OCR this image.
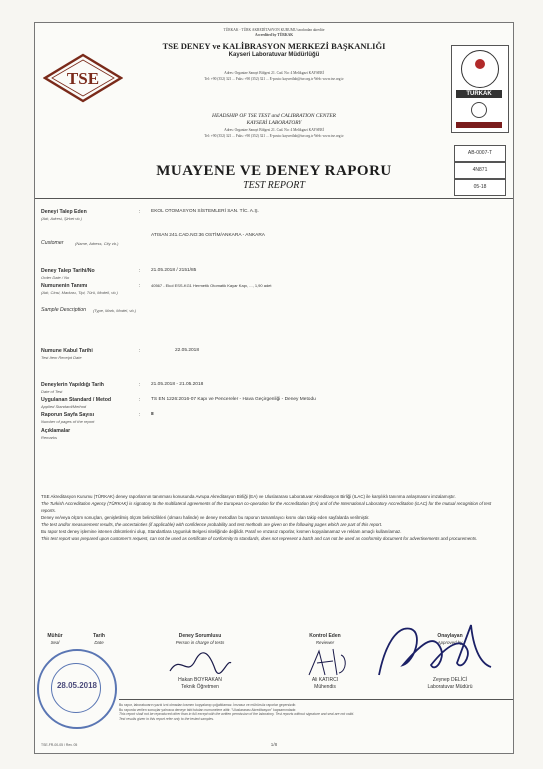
TÜRKAK - TÜRK AKREDİTASYON KURUMU tarafından akredite
Accredited by TÜRKAK
TSE DENEY ve KALİBRASYON MERKEZİ BAŞKANLIĞI
Kayseri Laboratuvar Müdürlüğü
Adres: Organize Sanayi Bölgesi 21. Cad. No: 4 Melikgazi KAYSERİ
Tel: +90 (352) 321 ... Faks: +90 (352) 321 ... E-posta: kayserilab@tse.org.tr Web: www.tse.org.tr
HEADSHIP OF TSE TEST and CALIBRATION CENTER
KAYSERİ LABORATORY
Adres: Organize Sanayi Bölgesi 21. Cad. No: 4 Melikgazi KAYSERİ
Tel: +90 (352) 321 ... Faks: +90 (352) 321 ... E-posta: kayserilab@tse.org.tr Web: www.tse.org.tr
TSE
TÜRKAK
AB-0007-T
4N871
05-18
MUAYENE VE DENEY RAPORU
TEST REPORT
Deneyi Talep Eden
(Adı, Adresi, Şirket vb.)
: EKOL OTOMASYON SİSTEMLERİ SAN. TİC. A.Ş.
Customer	(Name, Adress, City vb.)
ATISAN 241.CAD.NO:36 OSTİM/ANKARA - ANKARA
Deney Talep Tarihi/No
Order Date / No
: 21.05.2018 / 2151/85
Numunenin Tanımı
(Adı, Cinsi, Markası, Tipi, Türü, Modeli, vb.)
:	40567 - Ekol ESS-KG1 Hermetik Otomatik Kayar Kapı, ..., 1,90 adet
Sample Description (Type, Mark, Model, vb.)
Numune Kabul Tarihi
Test Item Receipt Date
:	22.05.2018
Deneylerin Yapıldığı Tarih
Date of Test
: 21.05.2018 - 21.05.2018
Uygulanan Standard / Metod
Applied Standard/Method
: TS EN 1226:2016-07 Kapı ve Pencereler - Hava Geçirgenliği - Deney Metodu
Raporun Sayfa Sayısı
Number of pages of the report
: 8
Açıklamalar
Remarks
TSE Akreditasyon Kurumu (TÜRKAK) deney raporlarının tanınması konusunda Avrupa Akreditasyon Birliği (EA) ve Uluslararası Laboratuvar Akreditasyon Birliği (ILAC) ile karşılıklı tanınma anlaşmasını imzalamıştır.
The Turkish Accreditation Agency (TÜRKAK) is signatory to the multilateral agreements of the European co-operation for the Accreditation (EA) and of the International Laboratory Accreditation (ILAC) for the mutual recognition of test reports.
Deney ve/veya ölçüm sonuçları, genişletilmiş ölçüm belirsizlikleri (olması halinde) ve deney metodları bu raporun tamamlayıcı kısmı olan takip eden sayfalarda verilmiştir.
The test and/or measurement results, the uncertainties (if applicable) with confidence probability and test methods are given on the following pages which are part of this report.
Bu rapor test deney işlemine istenen dökümlerini olup, Standartlara Uygunluk Belgesi niteliğinde değildir. Paraf ve ımzasız raporlar, kısmen kopyalanamaz ve reklam amaçlı kullanılamaz.
This test report was prepared upon customer's request, can not be used as certificate of conformity to standards, does not represent a batch and can not be used as conformity document for advertisements and procurements.
Mühür
Seal
Tarih
Date
Deney Sorumlusu
Person in charge of tests
Kontrol Eden
Reviewer
Onaylayan
Approved by
Hakan BOYRAKAN
Teknik Öğretmen
Ali KATIRCI
Mühendis
Zeynep DELİCİ
Laboratuvar Müdürü
28.05.2018
Bu rapor, laboratuvarın yazılı izni olmadan kısmen kopyalanıp çoğaltılamaz. İmzasız ve mühürsüz raporlar geçersizdir.
Bu raporda verilen sonuçlar yalnızca deneye tabi tutulan numunelere aittir. "Uluslararası Akreditasyon" kapsamındadır.
This report shall not be reproduced other than in full except with the written permission of the laboratory. Test reports without signature and seal are not valid.
Test results given in this report refer only to the tested samples.
TSE-FR-00-05 / Rev. 05	1/8
